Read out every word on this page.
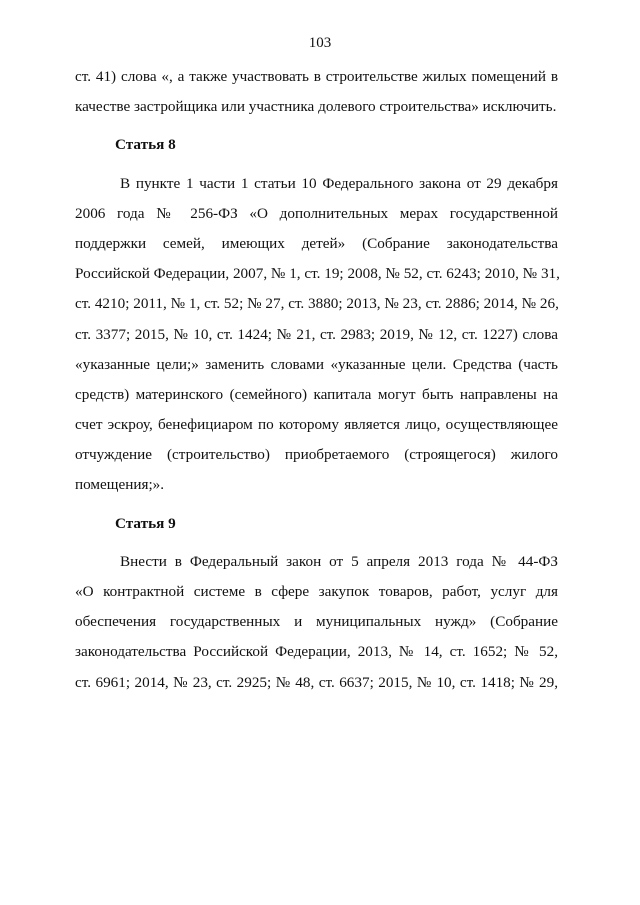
103
ст. 41) слова «, а также участвовать в строительстве жилых помещений в
качестве застройщика или участника долевого строительства» исключить.
Статья 8
В пункте 1 части 1 статьи 10 Федерального закона от 29 декабря
2006 года № 256-ФЗ «О дополнительных мерах государственной
поддержки семей, имеющих детей» (Собрание законодательства
Российской Федерации, 2007, № 1, ст. 19; 2008, № 52, ст. 6243; 2010, № 31,
ст. 4210; 2011, № 1, ст. 52; № 27, ст. 3880; 2013, № 23, ст. 2886; 2014, № 26,
ст. 3377; 2015, № 10, ст. 1424; № 21, ст. 2983; 2019, № 12, ст. 1227) слова
«указанные цели;» заменить словами «указанные цели. Средства (часть
средств) материнского (семейного) капитала могут быть направлены на
счет эскроу, бенефициаром по которому является лицо, осуществляющее
отчуждение (строительство) приобретаемого (строящегося) жилого
помещения;».
Статья 9
Внести в Федеральный закон от 5 апреля 2013 года № 44-ФЗ
«О контрактной системе в сфере закупок товаров, работ, услуг для
обеспечения государственных и муниципальных нужд» (Собрание
законодательства Российской Федерации, 2013, № 14, ст. 1652; № 52,
ст. 6961; 2014, № 23, ст. 2925; № 48, ст. 6637; 2015, № 10, ст. 1418; № 29,
